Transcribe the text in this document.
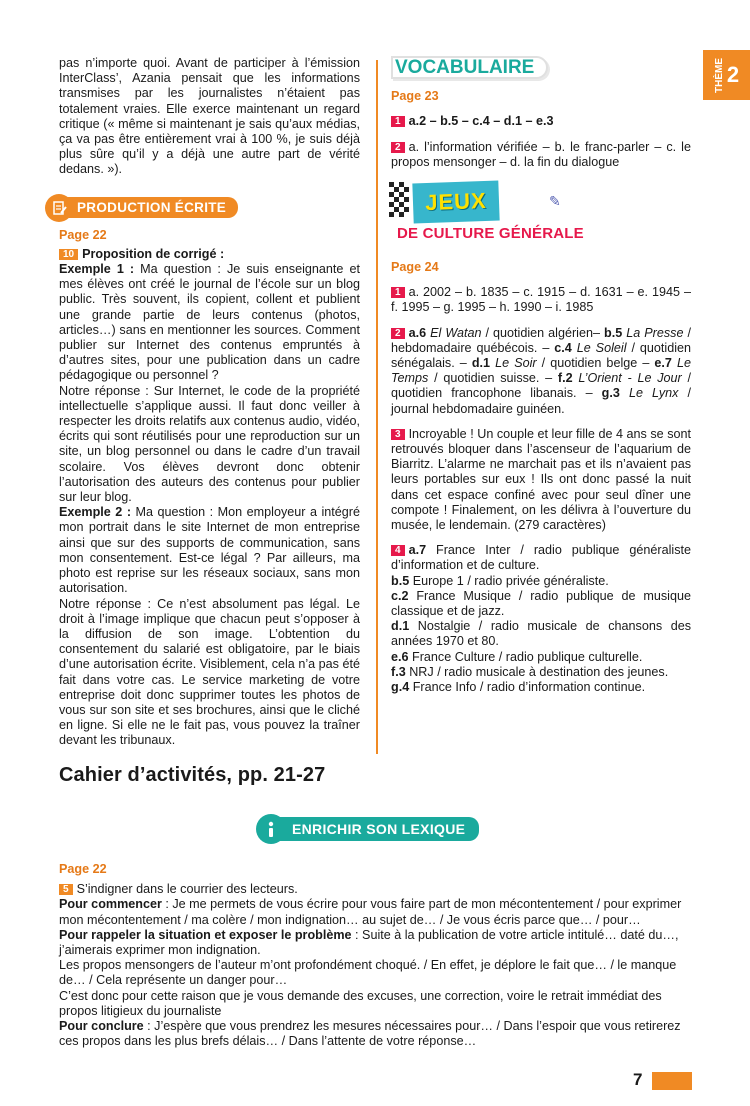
THÈME 2

pas n’importe quoi. Avant de participer à l’émission InterClass’, Azania pensait que les informations transmises par les journalistes n’étaient pas totalement vraies. Elle exerce maintenant un regard critique (« même si maintenant je sais qu’aux médias, ça va pas être entièrement vrai à 100 %, je suis déjà plus sûre qu’il y a déjà une autre part de vérité dedans. »).

PRODUCTION ÉCRITE

Page 22

10 Proposition de corrigé :

Exemple 1 : Ma question : Je suis enseignante et mes élèves ont créé le journal de l’école sur un blog public. Très souvent, ils copient, collent et publient une grande partie de leurs contenus (photos, articles…) sans en mentionner les sources. Comment publier sur Internet des contenus empruntés à d’autres sites, pour une publication dans un cadre pédagogique ou personnel ?

Notre réponse : Sur Internet, le code de la propriété intellectuelle s’applique aussi. Il faut donc veiller à respecter les droits relatifs aux contenus audio, vidéo, écrits qui sont réutilisés pour une reproduction sur un site, un blog personnel ou dans le cadre d’un travail scolaire. Vos élèves devront donc obtenir l’autorisation des auteurs des contenus pour publier sur leur blog.

Exemple 2 : Ma question : Mon employeur a intégré mon portrait dans le site Internet de mon entreprise ainsi que sur des supports de communication, sans mon consentement. Est-ce légal ? Par ailleurs, ma photo est reprise sur les réseaux sociaux, sans mon autorisation.

Notre réponse : Ce n’est absolument pas légal. Le droit à l’image implique que chacun peut s’opposer à la diffusion de son image. L’obtention du consentement du salarié est obligatoire, par le biais d’une autorisation écrite. Visiblement, cela n’a pas été fait dans votre cas. Le service marketing de votre entreprise doit donc supprimer toutes les photos de vous sur son site et ses brochures, ainsi que le cliché en ligne. Si elle ne le fait pas, vous pouvez la traîner devant les tribunaux.

VOCABULAIRE

Page 23

1 a.2 – b.5 – c.4 – d.1 – e.3

2 a. l’information vérifiée – b. le franc-parler – c. le propos mensonger – d. la fin du dialogue

JEUX
DE CULTURE GÉNÉRALE
✎

Page 24

1 a. 2002 – b. 1835 – c. 1915 – d. 1631 – e. 1945 – f. 1995 – g. 1995 – h. 1990 – i. 1985

2 a.6 El Watan / quotidien algérien– b.5 La Presse / hebdomadaire québécois. – c.4 Le Soleil / quotidien sénégalais. – d.1 Le Soir / quotidien belge – e.7 Le Temps / quotidien suisse. – f.2 L’Orient - Le Jour / quotidien francophone libanais. – g.3 Le Lynx / journal hebdomadaire guinéen.

3 Incroyable ! Un couple et leur fille de 4 ans se sont retrouvés bloquer dans l’ascenseur de l’aquarium de Biarritz. L’alarme ne marchait pas et ils n’avaient pas leurs portables sur eux ! Ils ont donc passé la nuit dans cet espace confiné avec pour seul dîner une compote ! Finalement, on les délivra à l’ouverture du musée, le lendemain. (279 caractères)

4 a.7 France Inter / radio publique généraliste d’information et de culture.

b.5 Europe 1 / radio privée généraliste.

c.2 France Musique / radio publique de musique classique et de jazz.

d.1 Nostalgie / radio musicale de chansons des années 1970 et 80.

e.6 France Culture / radio publique culturelle.

f.3 NRJ / radio musicale à destination des jeunes.

g.4 France Info / radio d’information continue.

Cahier d’activités, pp. 21-27
ENRICHIR SON LEXIQUE

Page 22

5 S’indigner dans le courrier des lecteurs.

Pour commencer : Je me permets de vous écrire pour vous faire part de mon mécontentement / pour exprimer mon mécontentement / ma colère / mon indignation… au sujet de… / Je vous écris parce que… / pour…

Pour rappeler la situation et exposer le problème : Suite à la publication de votre article intitulé… daté du…, j’aimerais exprimer mon indignation.

Les propos mensongers de l’auteur m’ont profondément choqué. / En effet, je déplore le fait que… / le manque de… / Cela représente un danger pour…

C’est donc pour cette raison que je vous demande des excuses, une correction, voire le retrait immédiat des propos litigieux du journaliste

Pour conclure : J’espère que vous prendrez les mesures nécessaires pour… / Dans l’espoir que vous retirerez ces propos dans les plus brefs délais… / Dans l’attente de votre réponse…

7
